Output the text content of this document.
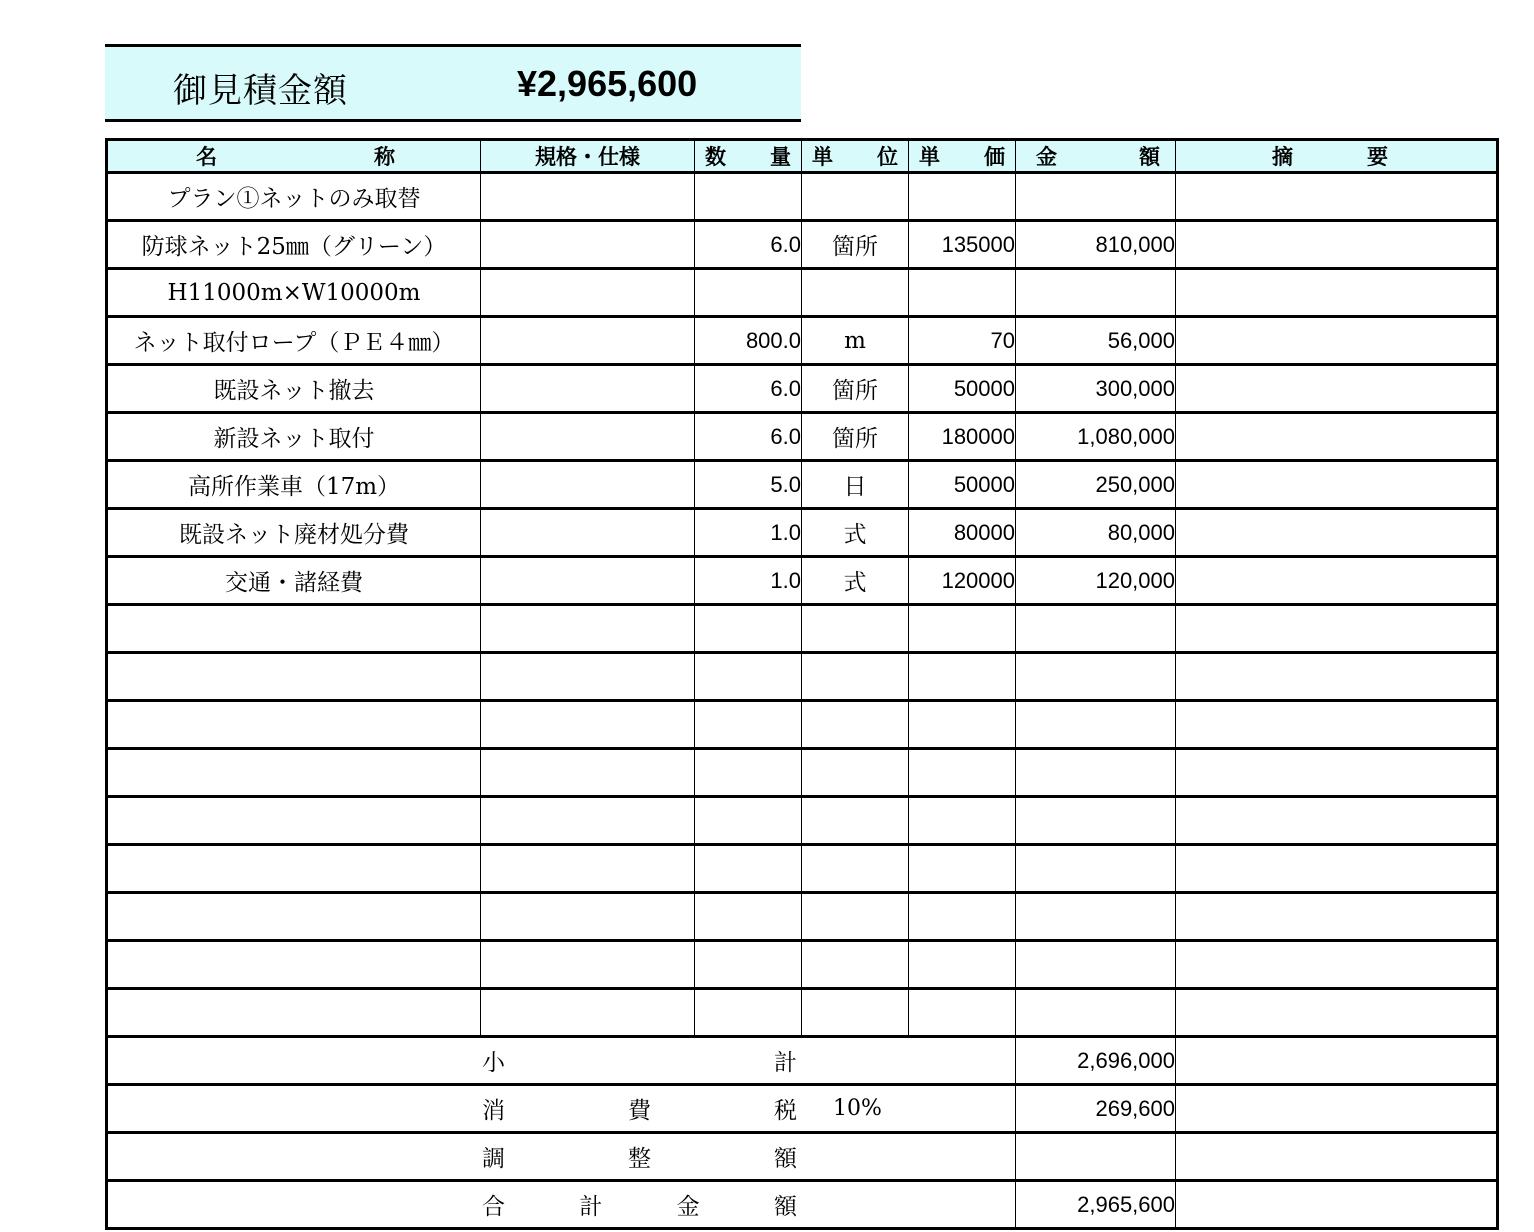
御見積金額	¥2,965,600
名 称	規格・仕様	数 量	単 位	単 価	金 額	摘 要

プラン①ネットのみ取替						
防球ネット25㎜（グリーン）		6.0	箇所	135000	810,000	
H11000m×W10000m						
ネット取付ロープ（ＰＥ４㎜）		800.0	m	70	56,000	
既設ネット撤去		6.0	箇所	50000	300,000	
新設ネット取付		6.0	箇所	180000	1,080,000	
高所作業車（17m）		5.0	日	50000	250,000	
既設ネット廃材処分費		1.0	式	80000	80,000	
交通・諸経費		1.0	式	120000	120,000	

小 計					2,696,000	

消 費 税 10%					269,600	

調 整 額						

合 計 金 額					2,965,600	
